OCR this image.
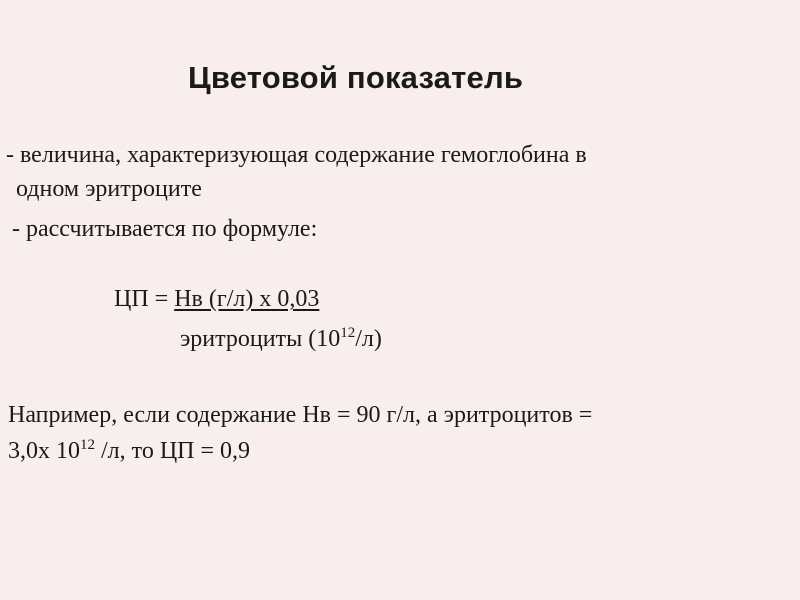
Цветовой показатель
- величина, характеризующая содержание гемоглобина в
одном эритроците
- рассчитывается по формуле:
ЦП = Нв (г/л) х 0,03
эритроциты $(10^{12}/л)$
Например, если содержание Нв = 90 г/л, а эритроцитов =
3,0х $10^{12}$ /л, то ЦП = 0,9
